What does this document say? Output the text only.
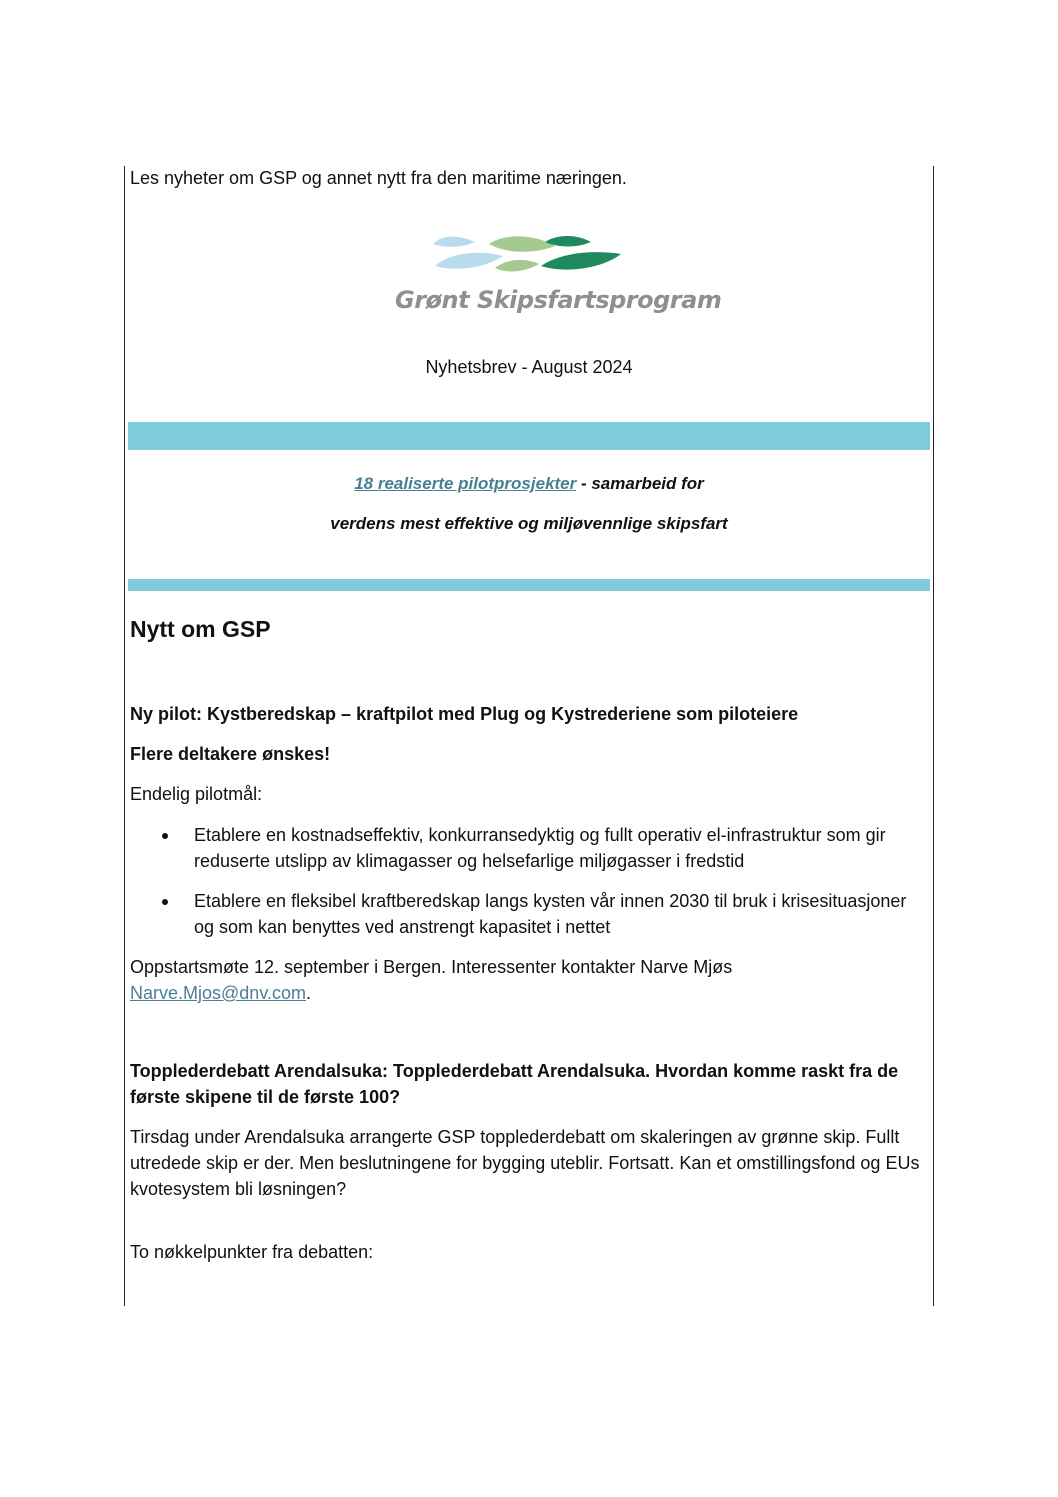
Les nyheter om GSP og annet nytt fra den maritime næringen.
Grønt Skipsfartsprogram
Nyhetsbrev - August 2024
18 realiserte pilotprosjekter - samarbeid for
verdens mest effektive og miljøvennlige skipsfart
Nytt om GSP
Ny pilot: Kystberedskap – kraftpilot med Plug og Kystrederiene som piloteiere
Flere deltakere ønskes!
Endelig pilotmål:
Etablere en kostnadseffektiv, konkurransedyktig og fullt operativ el-infrastruktur som gir reduserte utslipp av klimagasser og helsefarlige miljøgasser i fredstid
Etablere en fleksibel kraftberedskap langs kysten vår innen 2030 til bruk i krisesituasjoner og som kan benyttes ved anstrengt kapasitet i nettet
Oppstartsmøte 12. september i Bergen. Interessenter kontakter Narve Mjøs
Narve.Mjos@dnv.com.
Topplederdebatt Arendalsuka: Topplederdebatt Arendalsuka. Hvordan komme raskt fra de første skipene til de første 100?
Tirsdag under Arendalsuka arrangerte GSP topplederdebatt om skaleringen av grønne skip. Fullt utredede skip er der. Men beslutningene for bygging uteblir. Fortsatt. Kan et omstillingsfond og EUs kvotesystem bli løsningen?
To nøkkelpunkter fra debatten:
